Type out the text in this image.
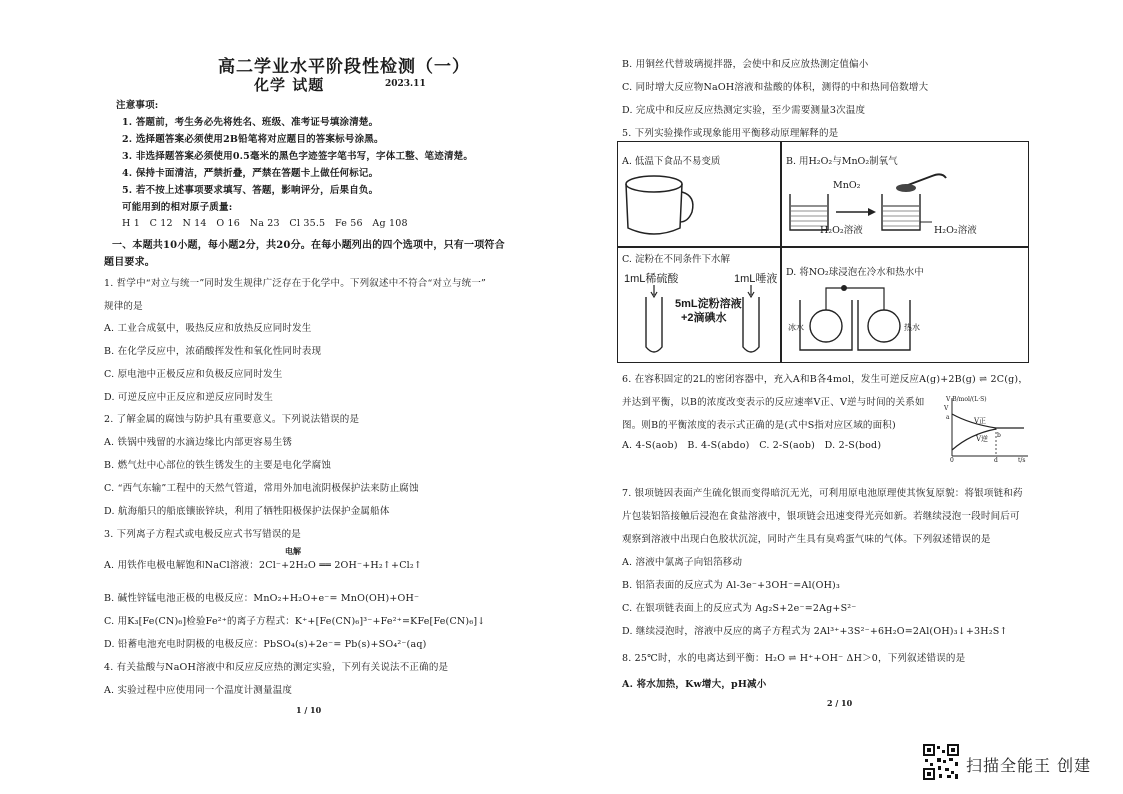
高二学业水平阶段性检测（一）
化学 试题	2023.11
注意事项:
1. 答题前，考生务必先将姓名、班级、准考证号填涂清楚。
2. 选择题答案必须使用2B铅笔将对应题目的答案标号涂黑。
3. 非选择题答案必须使用0.5毫米的黑色字迹签字笔书写，字体工整、笔迹清楚。
4. 保持卡面清洁，严禁折叠，严禁在答题卡上做任何标记。
5. 若不按上述事项要求填写、答题，影响评分，后果自负。
可能用到的相对原子质量:
H 1   C 12   N 14   O 16   Na 23   Cl 35.5   Fe 56   Ag 108
一、本题共10小题，每小题2分，共20分。在每小题列出的四个选项中，只有一项符合
题目要求。
1. 哲学中“对立与统一”同时发生规律广泛存在于化学中。下列叙述中不符合“对立与统一”
规律的是
A. 工业合成氨中，吸热反应和放热反应同时发生
B. 在化学反应中，浓硝酸挥发性和氧化性同时表现
C. 原电池中正极反应和负极反应同时发生
D. 可逆反应中正反应和逆反应同时发生
2. 了解金属的腐蚀与防护具有重要意义。下列说法错误的是
A. 铁锅中残留的水滴边缘比内部更容易生锈
B. 燃气灶中心部位的铁生锈发生的主要是电化学腐蚀
C. “西气东输”工程中的天然气管道，常用外加电流阴极保护法来防止腐蚀
D. 航海船只的船底镶嵌锌块，利用了牺牲阳极保护法保护金属船体
3. 下列离子方程式或电极反应式书写错误的是
电解
A. 用铁作电极电解饱和NaCl溶液：2Cl⁻+2H₂O ══ 2OH⁻+H₂↑+Cl₂↑
B. 碱性锌锰电池正极的电极反应：MnO₂+H₂O+e⁻= MnO(OH)+OH⁻
C. 用K₃[Fe(CN)₆]检验Fe²⁺的离子方程式：K⁺+[Fe(CN)₆]³⁻+Fe²⁺=KFe[Fe(CN)₆]↓
D. 铅蓄电池充电时阴极的电极反应：PbSO₄(s)+2e⁻= Pb(s)+SO₄²⁻(aq)
4. 有关盐酸与NaOH溶液中和反应反应热的测定实验，下列有关说法不正确的是
A. 实验过程中应使用同一个温度计测量温度
1 / 10
B. 用铜丝代替玻璃搅拌器，会使中和反应放热测定值偏小
C. 同时增大反应物NaOH溶液和盐酸的体积，测得的中和热同倍数增大
D. 完成中和反应反应热测定实验，至少需要测量3次温度
5. 下列实验操作或现象能用平衡移动原理解释的是
A. 低温下食品不易变质	B. 用H₂O₂与MnO₂制氧气
C. 淀粉在不同条件下水解
D. 将NO₂球浸泡在冷水和热水中
MnO₂
H₂O₂溶液	H₂O₂溶液
1mL稀硫酸	1mL唾液
5mL淀粉溶液
+2滴碘水
冰水	热水
6. 在容积固定的2L的密闭容器中，充入A和B各4mol，发生可逆反应A(g)+2B(g) ⇌ 2C(g)，
并达到平衡，以B的浓度改变表示的反应速率V正、V逆与时间的关系如
图。则B的平衡浓度的表示式正确的是(式中S指对应区域的面积)
A. 4-S(aob)   B. 4-S(abdo)   C. 2-S(aob)   D. 2-S(bod)
V B/mol/(L·S)
V
a
b
V正
V逆
0	d	t/s
7. 银项链因表面产生硫化银而变得暗沉无光，可利用原电池原理使其恢复原貌：将银项链和药
片包装铝箔接触后浸泡在食盐溶液中，银项链会迅速变得光亮如新。若继续浸泡一段时间后可
观察到溶液中出现白色胶状沉淀，同时产生具有臭鸡蛋气味的气体。下列叙述错误的是
A. 溶液中氯离子向铝箔移动
B. 铝箔表面的反应式为 Al-3e⁻+3OH⁻=Al(OH)₃
C. 在银项链表面上的反应式为 Ag₂S+2e⁻=2Ag+S²⁻
D. 继续浸泡时，溶液中反应的离子方程式为 2Al³⁺+3S²⁻+6H₂O=2Al(OH)₃↓+3H₂S↑
8. 25℃时，水的电离达到平衡：H₂O ⇌ H⁺+OH⁻ ΔH＞0，下列叙述错误的是
A. 将水加热，Kw增大，pH减小
2 / 10
扫描全能王 创建
